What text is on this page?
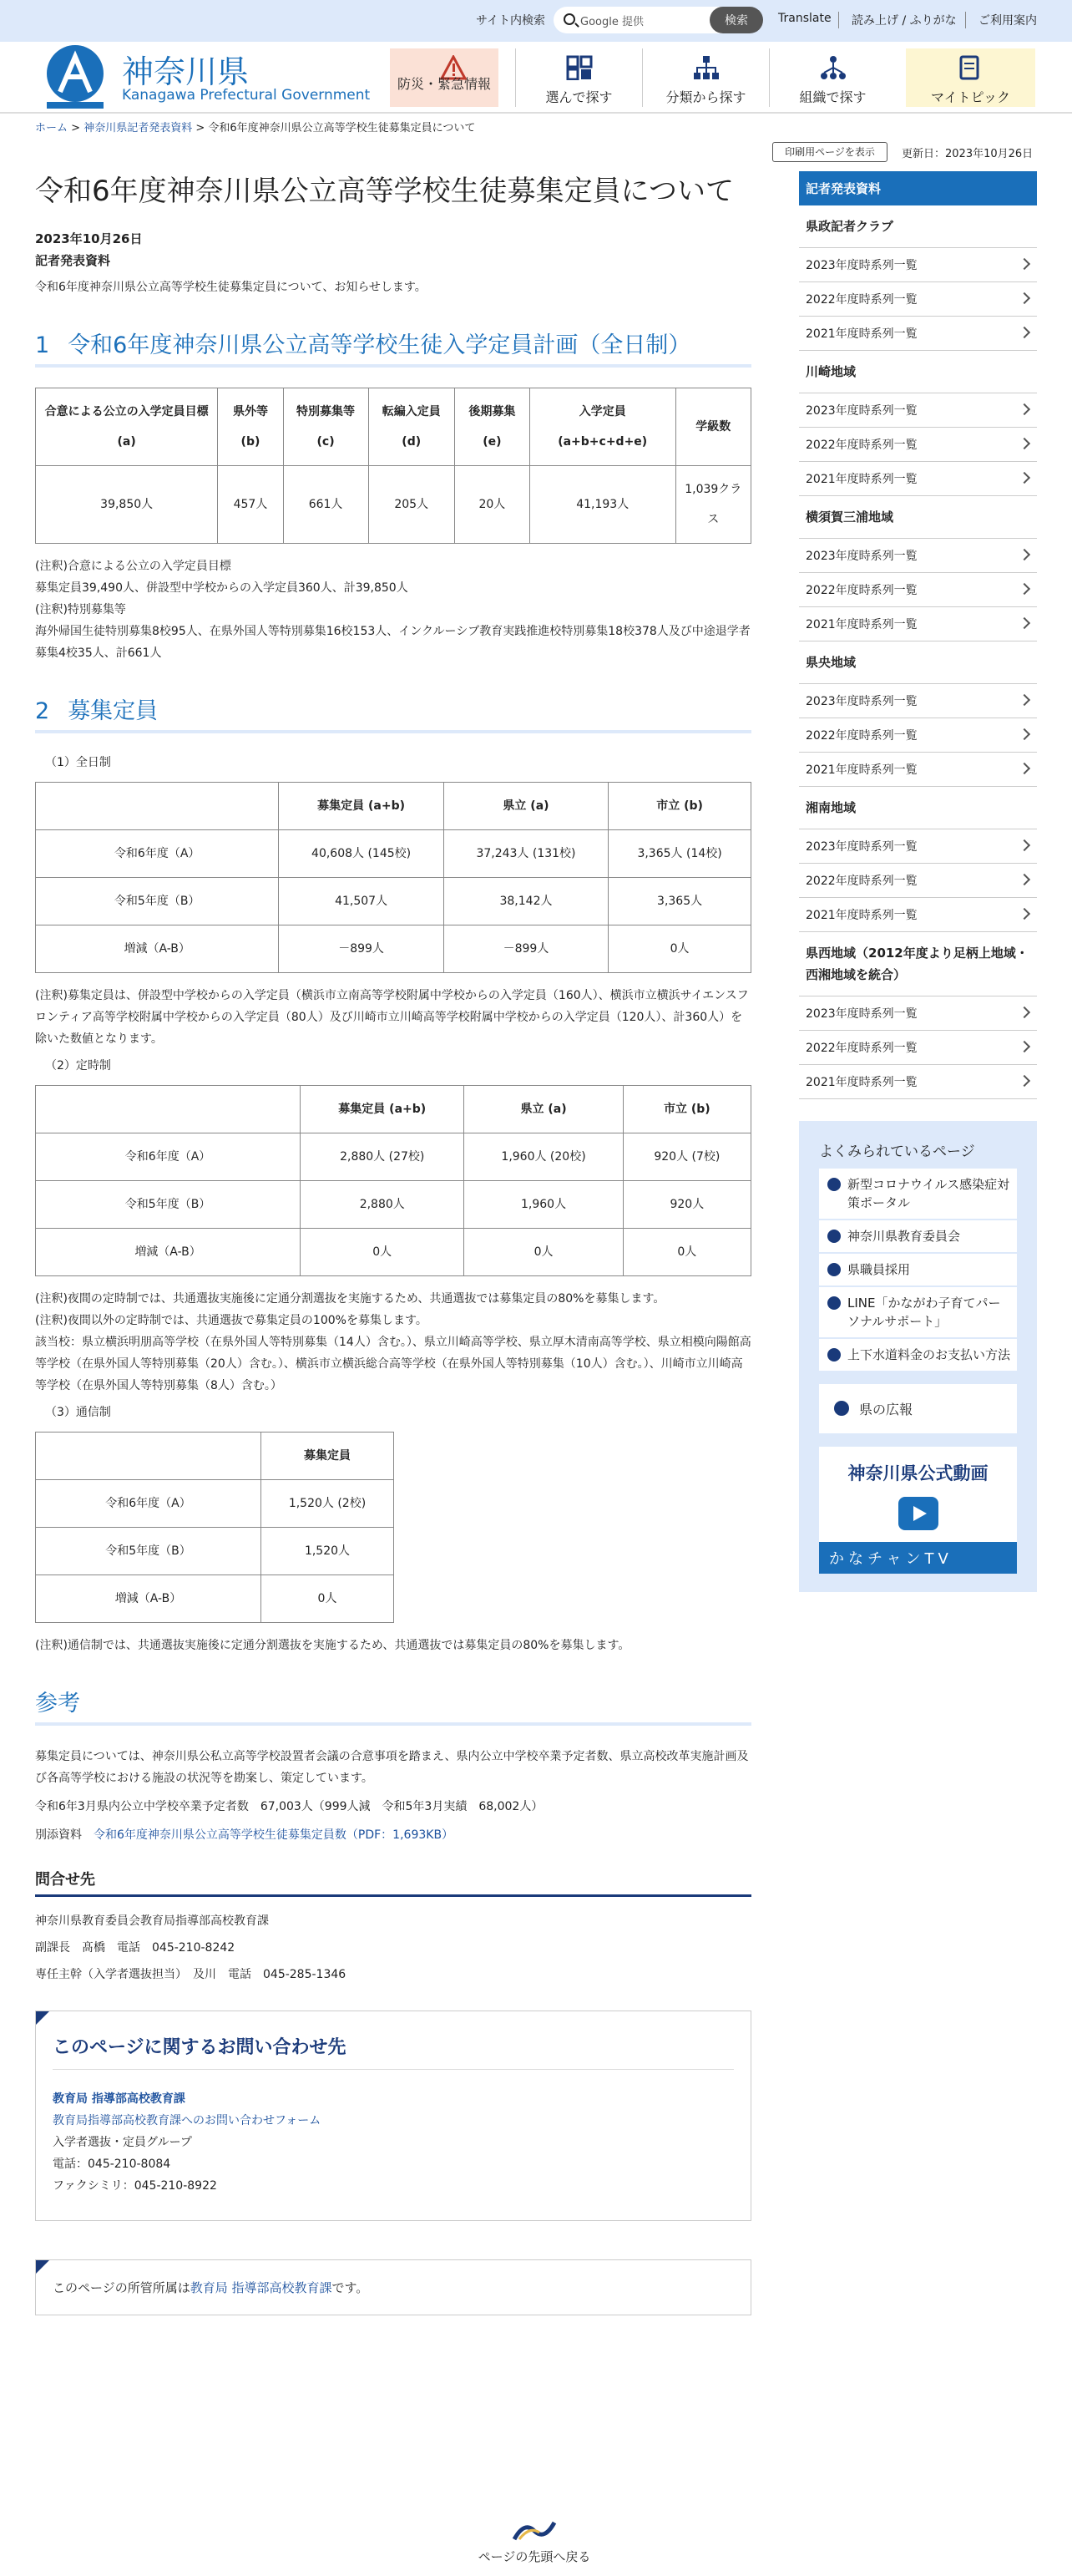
サイト内検索	Google 提供	検索	Translate 読み上げ / ふりがな ご利用案内
神奈川県
Kanagawa Prefectural Government
防災・緊急情報
選んで探す	分類から探す	組織で探す	マイトピック
ホーム > 神奈川県記者発表資料 > 令和6年度神奈川県公立高等学校生徒募集定員について
印刷用ページを表示	更新日：2023年10月26日
令和6年度神奈川県公立高等学校生徒募集定員について
2023年10月26日
記者発表資料
令和6年度神奈川県公立高等学校生徒募集定員について、お知らせします。
1 令和6年度神奈川県公立高等学校生徒入学定員計画（全日制）
合意による公立の入学定員目標 (a)	県外等 (b)	特別募集等 (c)	転編入定員 (d)	後期募集 (e)	入学定員 (a+b+c+d+e)	学級数
39,850人	457人	661人	205人	20人	41,193人	1,039クラス
(注釈)合意による公立の入学定員目標
募集定員39,490人、併設型中学校からの入学定員360人、計39,850人
(注釈)特別募集等
海外帰国生徒特別募集8校95人、在県外国人等特別募集16校153人、インクルーシブ教育実践推進校特別募集18校378人及び中途退学者募集4校35人、計661人
2 募集定員
（1）全日制
	募集定員 (a+b)	県立 (a)	市立 (b)
令和6年度（A）	40,608人 (145校)	37,243人 (131校)	3,365人 (14校)
令和5年度（B）	41,507人	38,142人	3,365人
増減（A-B）	－899人	－899人	0人
(注釈)募集定員は、併設型中学校からの入学定員（横浜市立南高等学校附属中学校からの入学定員（160人）、横浜市立横浜サイエンスフロンティア高等学校附属中学校からの入学定員（80人）及び川崎市立川崎高等学校附属中学校からの入学定員（120人）、計360人）を除いた数値となります。
（2）定時制
	募集定員 (a+b)	県立 (a)	市立 (b)
令和6年度（A）	2,880人 (27校)	1,960人 (20校)	920人 (7校)
令和5年度（B）	2,880人	1,960人	920人
増減（A-B）	0人	0人	0人
(注釈)夜間の定時制では、共通選抜実施後に定通分割選抜を実施するため、共通選抜では募集定員の80%を募集します。
(注釈)夜間以外の定時制では、共通選抜で募集定員の100%を募集します。
該当校：県立横浜明朋高等学校（在県外国人等特別募集（14人）含む。）、県立川崎高等学校、県立厚木清南高等学校、県立相模向陽館高等学校（在県外国人等特別募集（20人）含む。）、横浜市立横浜総合高等学校（在県外国人等特別募集（10人）含む。）、川崎市立川崎高等学校（在県外国人等特別募集（8人）含む。）
（3）通信制
	募集定員
令和6年度（A）	1,520人 (2校)
令和5年度（B）	1,520人
増減（A-B）	0人
(注釈)通信制では、共通選抜実施後に定通分割選抜を実施するため、共通選抜では募集定員の80%を募集します。
参考
募集定員については、神奈川県公私立高等学校設置者会議の合意事項を踏まえ、県内公立中学校卒業予定者数、県立高校改革実施計画及び各高等学校における施設の状況等を勘案し、策定しています。
令和6年3月県内公立中学校卒業予定者数　67,003人（999人減　令和5年3月実績　68,002人）
別添資料　 令和6年度神奈川県公立高等学校生徒募集定員数（PDF：1,693KB）
問合せ先
神奈川県教育委員会教育局指導部高校教育課
副課長　髙橋　電話　045-210-8242
専任主幹（入学者選抜担当）　及川　電話　045-285-1346
このページに関するお問い合わせ先
教育局 指導部高校教育課
教育局指導部高校教育課へのお問い合わせフォーム
入学者選抜・定員グループ
電話：045-210-8084
ファクシミリ：045-210-8922
このページの所管所属は教育局 指導部高校教育課です。
記者発表資料
県政記者クラブ
2023年度時系列一覧
2022年度時系列一覧
2021年度時系列一覧
川崎地域
2023年度時系列一覧
2022年度時系列一覧
2021年度時系列一覧
横須賀三浦地域
2023年度時系列一覧
2022年度時系列一覧
2021年度時系列一覧
県央地域
2023年度時系列一覧
2022年度時系列一覧
2021年度時系列一覧
湘南地域
2023年度時系列一覧
2022年度時系列一覧
2021年度時系列一覧
県西地域（2012年度より足柄上地域・西湘地域を統合）
2023年度時系列一覧
2022年度時系列一覧
2021年度時系列一覧
よくみられているページ
新型コロナウイルス感染症対策ポータル
神奈川県教育委員会
県職員採用
LINE「かながわ子育てパーソナルサポート」
上下水道料金のお支払い方法
県の広報
神奈川県公式動画
かなチャンTV
ページの先頭へ戻る
